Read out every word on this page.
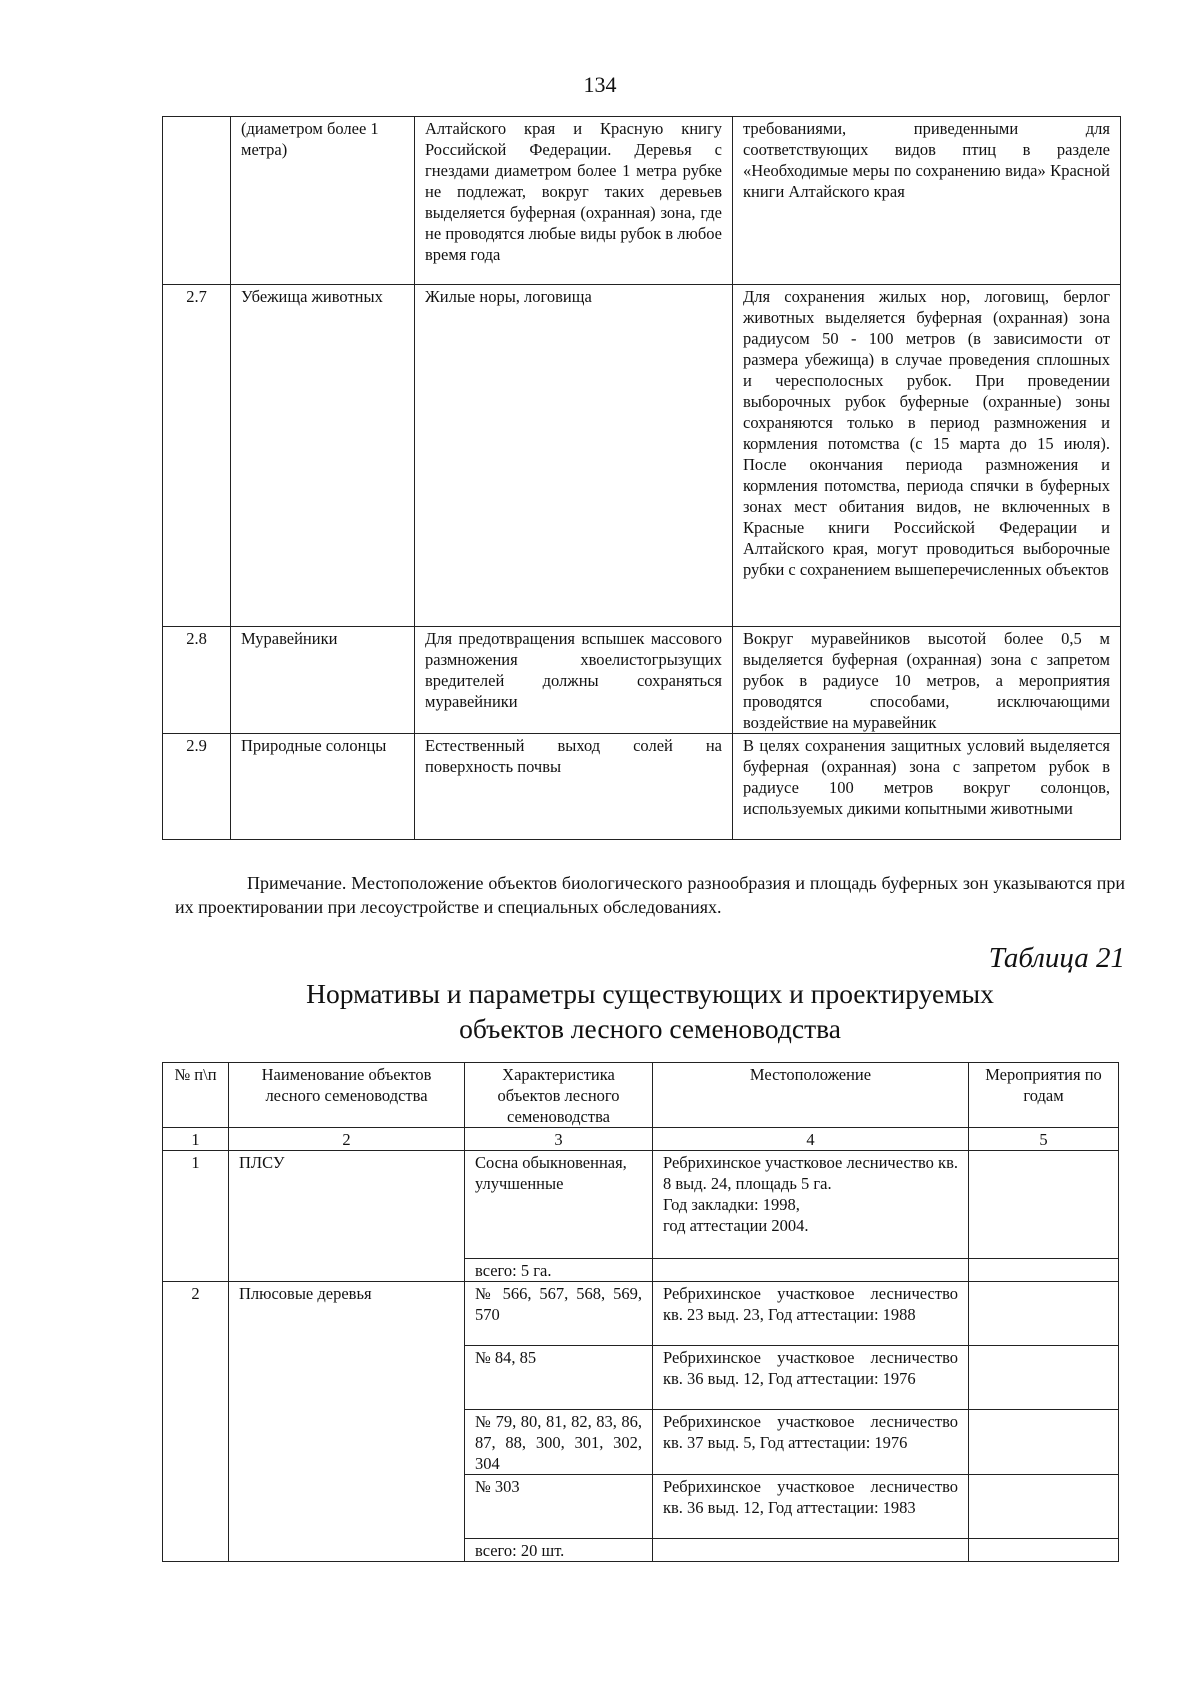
134
	(диаметром более 1 метра)	Алтайского края и Красную книгу Российской Федерации. Деревья с гнездами диаметром более 1 метра рубке не подлежат, вокруг таких деревьев выделяется буферная (охранная) зона, где не проводятся любые виды рубок в любое время года	требованиями, приведенными для соответствующих видов птиц в разделе «Необходимые меры по сохранению вида» Красной книги Алтайского края
2.7	Убежища животных	Жилые норы, логовища	Для сохранения жилых нор, логовищ, берлог животных выделяется буферная (охранная) зона радиусом 50 - 100 метров (в зависимости от размера убежища) в случае проведения сплошных и чересполосных рубок. При проведении выборочных рубок буферные (охранные) зоны сохраняются только в период размножения и кормления потомства (с 15 марта до 15 июля). После окончания периода размножения и кормления потомства, периода спячки в буферных зонах мест обитания видов, не включенных в Красные книги Российской Федерации и Алтайского края, могут проводиться выборочные рубки с сохранением вышеперечисленных объектов
2.8	Муравейники	Для предотвращения вспышек массового размножения хвоелистогрызущих вредителей должны сохраняться муравейники	Вокруг муравейников высотой более 0,5 м выделяется буферная (охранная) зона с запретом рубок в радиусе 10 метров, а мероприятия проводятся способами, исключающими воздействие на муравейник
2.9	Природные солонцы	Естественный выход солей на поверхность почвы	В целях сохранения защитных условий выделяется буферная (охранная) зона с запретом рубок в радиусе 100 метров вокруг солонцов, используемых дикими копытными животными
Примечание. Местоположение объектов биологического разнообразия и площадь буферных зон указываются при их проектировании при лесоустройстве и специальных обследованиях.
Таблица 21
Нормативы и параметры существующих и проектируемых
объектов лесного семеноводства
№ п\п	Наименование объектов лесного семеноводства	Характеристика объектов лесного семеноводства	Местоположение	Мероприятия по годам
1	2	3	4	5
1	ПЛСУ	Сосна обыкновенная, улучшенные	Ребрихинское участковое лесничество кв. 8 выд. 24, площадь 5 га.
Год закладки: 1998,
год аттестации 2004.	

		всего: 5 га.		
2	Плюсовые деревья	№ 566, 567, 568, 569, 570	Ребрихинское участковое лесничество
кв. 23 выд. 23, Год аттестации: 1988	

		№ 84, 85	Ребрихинское участковое лесничество
кв. 36 выд. 12, Год аттестации: 1976	

		№ 79, 80, 81, 82, 83, 86, 87, 88, 300, 301, 302, 304	Ребрихинское участковое лесничество
кв. 37 выд. 5, Год аттестации: 1976	

		№ 303	Ребрихинское участковое лесничество
кв. 36 выд. 12, Год аттестации: 1983	

		всего: 20 шт.		
